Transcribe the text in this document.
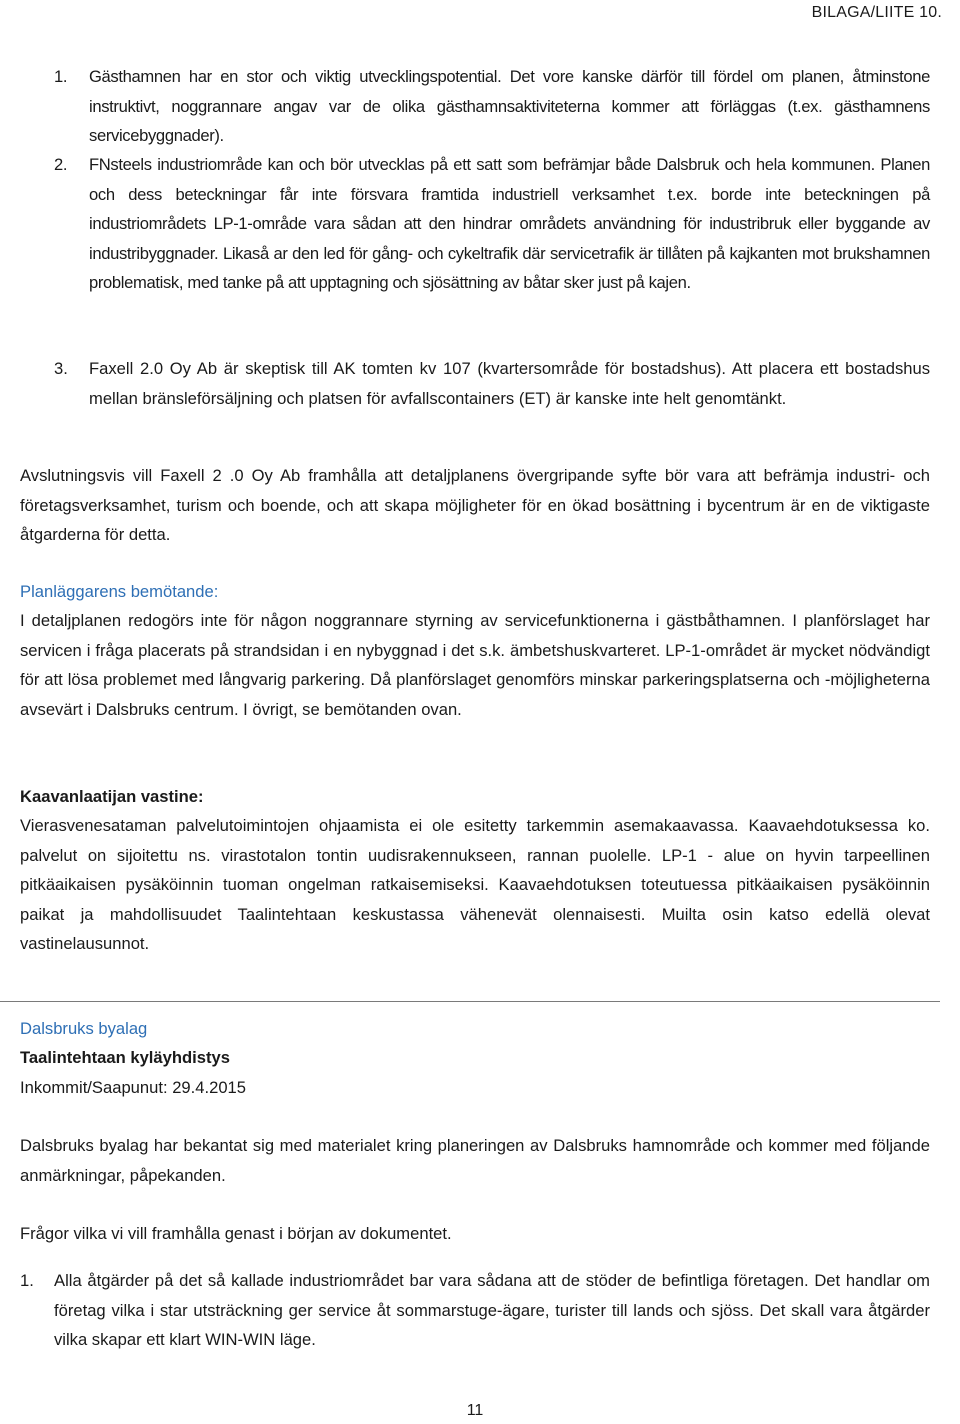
BILAGA/LIITE 10.
1. Gästhamnen har en stor och viktig utvecklingspotential. Det vore kanske därför till fördel om planen, åtminstone instruktivt, noggrannare angav var de olika gästhamnsaktiviteterna kommer att förläggas (t.ex. gästhamnens servicebyggnader).
2. FNsteels industriområde kan och bör utvecklas på ett satt som befrämjar både Dalsbruk och hela kommunen. Planen och dess beteckningar får inte försvara framtida industriell verksamhet t.ex. borde inte beteckningen på industriområdets LP-1-område vara sådan att den hindrar områdets användning för industribruk eller byggande av industribyggnader. Likaså ar den led för gång- och cykeltrafik där servicetrafik är tillåten på kajkanten mot brukshamnen problematisk, med tanke på att upptagning och sjösättning av båtar sker just på kajen.
3. Faxell 2.0 Oy Ab är skeptisk till AK tomten kv 107 (kvartersområde för bostadshus). Att placera ett bostadshus mellan bränsleförsäljning och platsen för avfallscontainers (ET) är kanske inte helt genomtänkt.

Avslutningsvis vill Faxell 2 .0 Oy Ab framhålla att detaljplanens övergripande syfte bör vara att befrämja industri- och företagsverksamhet, turism och boende, och att skapa möjligheter för en ökad bosättning i bycentrum är en de viktigaste åtgarderna för detta.

Planläggarens bemötande:

I detaljplanen redogörs inte för någon noggrannare styrning av servicefunktionerna i gästbåthamnen. I planförslaget har servicen i fråga placerats på strandsidan i en nybyggnad i det s.k. ämbetshuskvarteret. LP-1-området är mycket nödvändigt för att lösa problemet med långvarig parkering. Då planförslaget genomförs minskar parkeringsplatserna och -möjligheterna avsevärt i Dalsbruks centrum. I övrigt, se bemötanden ovan.

Kaavanlaatijan vastine:

Vierasvenesataman palvelutoimintojen ohjaamista ei ole esitetty tarkemmin asemakaavassa. Kaavaehdotuksessa ko. palvelut on sijoitettu ns. virastotalon tontin uudisrakennukseen, rannan puolelle. LP-1 - alue on hyvin tarpeellinen pitkäaikaisen pysäköinnin tuoman ongelman ratkaisemiseksi. Kaavaehdotuksen toteutuessa pitkäaikaisen pysäköinnin paikat ja mahdollisuudet Taalintehtaan keskustassa vähenevät olennaisesti. Muilta osin katso edellä olevat vastinelausunnot.

Dalsbruks byalag

Taalintehtaan kyläyhdistys

Inkommit/Saapunut: 29.4.2015

Dalsbruks byalag har bekantat sig med materialet kring planeringen av Dalsbruks hamnområde och kommer med följande anmärkningar, påpekanden.

Frågor vilka vi vill framhålla genast i början av dokumentet.

1. Alla åtgärder på det så kallade industriområdet bar vara sådana att de stöder de befintliga företagen. Det handlar om företag vilka i star utsträckning ger service åt sommarstuge-ägare, turister till lands och sjöss. Det skall vara åtgärder vilka skapar ett klart WIN-WIN läge.
11
